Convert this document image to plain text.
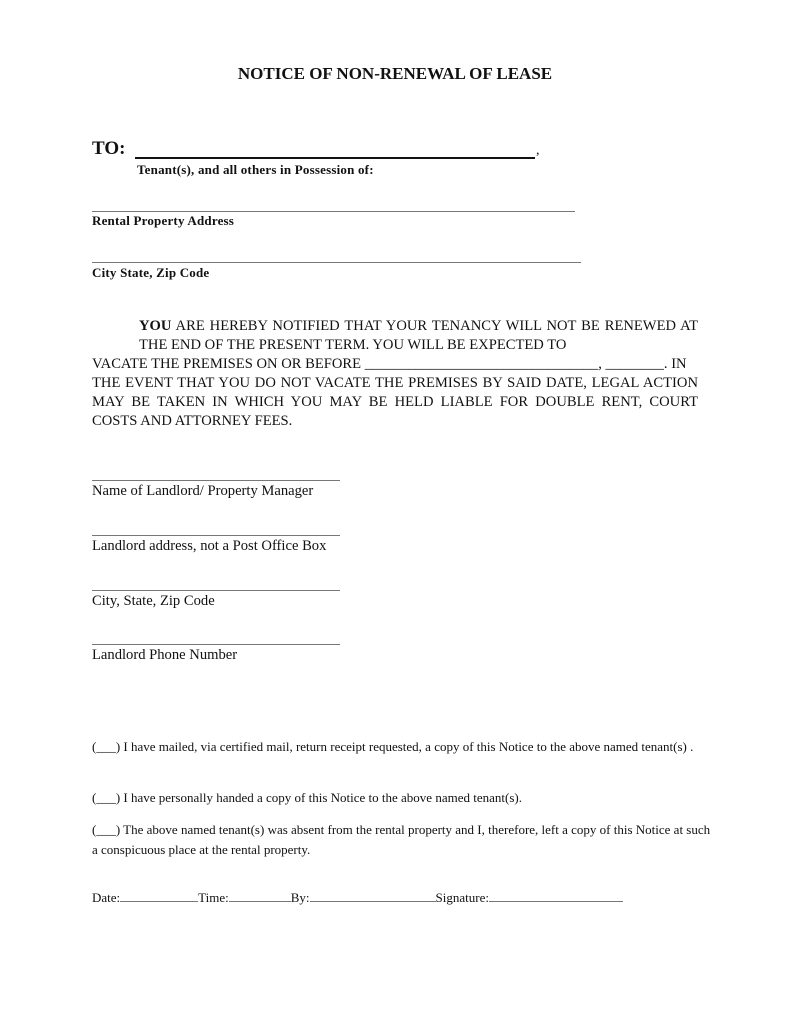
NOTICE OF NON-RENEWAL OF LEASE
TO:	,
Tenant(s), and all others in Possession of:
Rental Property Address
City State, Zip Code

YOU ARE HEREBY NOTIFIED THAT YOUR TENANCY WILL NOT BE RENEWED AT THE END OF THE PRESENT TERM. YOU WILL BE EXPECTED TO

VACATE THE PREMISES ON OR BEFORE ________________________________, ________. IN

THE EVENT THAT YOU DO NOT VACATE THE PREMISES BY SAID DATE, LEGAL ACTION MAY BE TAKEN IN WHICH YOU MAY BE HELD LIABLE FOR DOUBLE RENT, COURT COSTS AND ATTORNEY FEES.

Name of Landlord/ Property Manager
Landlord address, not a Post Office Box
City, State, Zip Code
Landlord Phone Number
(___) I have mailed, via certified mail, return receipt requested, a copy of this Notice to the above named tenant(s) .
(___) I have personally handed a copy of this Notice to the above named tenant(s).
(___) The above named tenant(s) was absent from the rental property and I, therefore, left a copy of this Notice at such a conspicuous place at the rental property.
Date:	Time:	By:	Signature:
